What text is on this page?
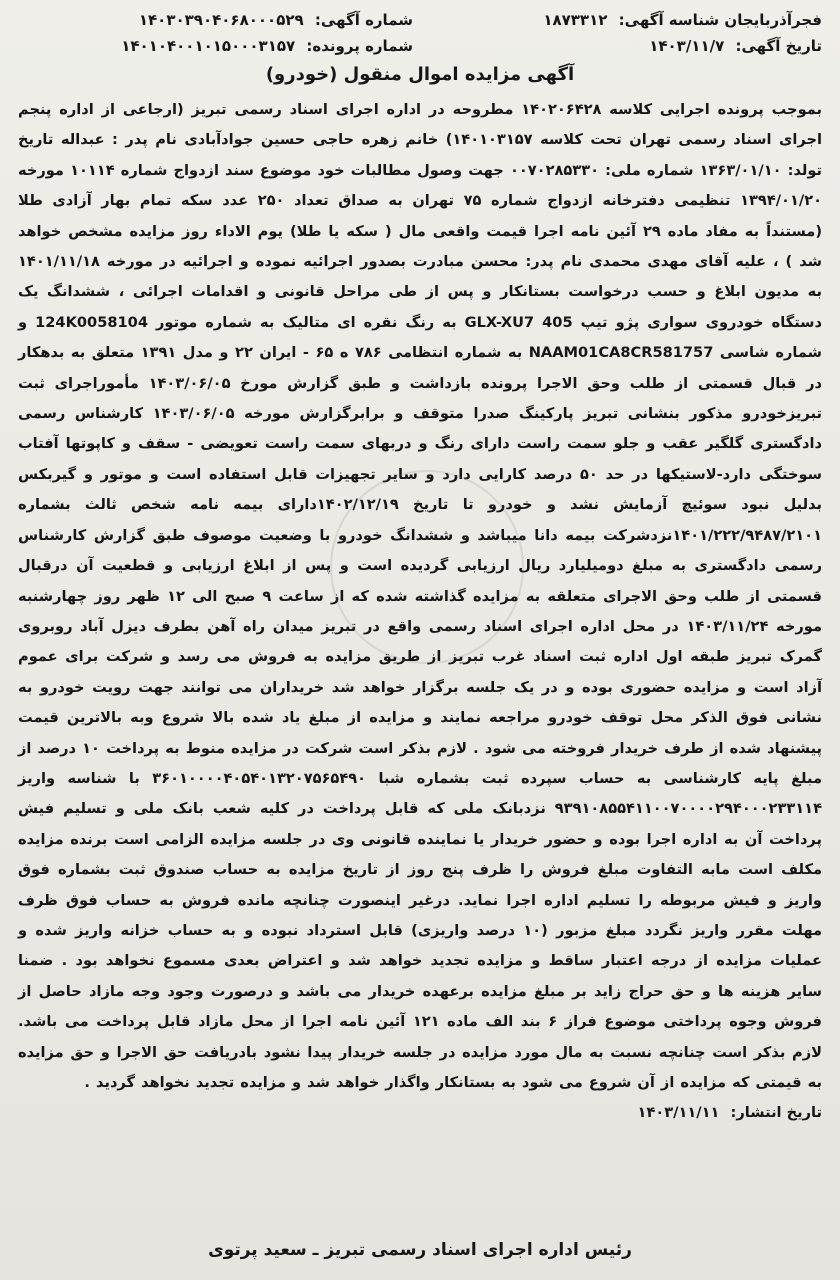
فجرآذربایجان شناسه آگهی: ۱۸۷۳۳۱۲
شماره آگهی: ۱۴۰۳۰۳۹۰۴۰۶۸۰۰۰۵۲۹
تاریخ آگهی: ۱۴۰۳/۱۱/۷
شماره پرونده: ۱۴۰۱۰۴۰۰۱۰۱۵۰۰۰۳۱۵۷
آگهی مزایده اموال منقول (خودرو)

بموجب پرونده اجرایی کلاسه ۱۴۰۲۰۶۴۲۸ مطروحه در اداره اجرای اسناد رسمی تبریز (ارجاعی از اداره پنجم اجرای اسناد رسمی تهران تحت کلاسه ۱۴۰۱۰۳۱۵۷) خانم زهره حاجی حسین جوادآبادی نام پدر : عبداله تاریخ تولد: ۱۳۶۳/۰۱/۱۰ شماره ملی: ۰۰۷۰۲۸۵۳۳۰ جهت وصول مطالبات خود موضوع سند ازدواج شماره ۱۰۱۱۴ مورخه ۱۳۹۴/۰۱/۲۰ تنظیمی دفترخانه ازدواج شماره ۷۵ تهران به صداق تعداد ۲۵۰ عدد سکه تمام بهار آزادی طلا (مستنداً به مفاد ماده ۲۹ آئین نامه اجرا قیمت واقعی مال ( سکه یا طلا) یوم الاداء روز مزایده مشخص خواهد شد ) ، علیه آقای مهدی محمدی نام پدر: محسن مبادرت بصدور اجرائیه نموده و اجرائیه در مورخه ۱۴۰۱/۱۱/۱۸ به مدیون ابلاغ و حسب درخواست بستانکار و پس از طی مراحل قانونی و اقدامات اجرائی ، ششدانگ یک دستگاه خودروی سواری پژو تیپ GLX-XU7 405 به رنگ نقره ای متالیک به شماره موتور 124K0058104 و شماره شاسی NAAM01CA8CR581757 به شماره انتظامی ۷۸۶ ه ۶۵ - ایران ۲۲ و مدل ۱۳۹۱ متعلق به بدهکار در قبال قسمتی از طلب وحق الاجرا پرونده بازداشت و طبق گزارش مورخ ۱۴۰۳/۰۶/۰۵ مأموراجرای ثبت تبریزخودرو مذکور بنشانی تبریز پارکینگ صدرا متوقف و برابرگزارش مورخه ۱۴۰۳/۰۶/۰۵ کارشناس رسمی دادگستری گلگیر عقب و جلو سمت راست دارای رنگ و دربهای سمت راست تعویضی - سقف و کاپوتها آفتاب سوختگی دارد-لاستیکها در حد ۵۰ درصد کارایی دارد و سایر تجهیزات قابل استفاده است و موتور و گیربکس بدلیل نبود سوئیچ آزمایش نشد و خودرو تا تاریخ ۱۴۰۲/۱۲/۱۹دارای بیمه نامه شخص ثالث بشماره ۱۴۰۱/۲۲۲/۹۴۸۷/۲۱۰۱نزدشرکت بیمه دانا میباشد و ششدانگ خودرو با وضعیت موصوف طبق گزارش کارشناس رسمی دادگستری به مبلغ دومیلیارد ریال ارزیابی گردیده است و پس از ابلاغ ارزیابی و قطعیت آن درقبال قسمتی از طلب وحق الاجرای متعلقه به مزایده گذاشته شده که از ساعت ۹ صبح الی ۱۲ ظهر روز چهارشنبه مورخه ۱۴۰۳/۱۱/۲۴ در محل اداره اجرای اسناد رسمی واقع در تبریز میدان راه آهن بطرف دیزل آباد روبروی گمرک تبریز طبقه اول اداره ثبت اسناد غرب تبریز از طریق مزایده به فروش می رسد و شرکت برای عموم آزاد است و مزایده حضوری بوده و در یک جلسه برگزار خواهد شد خریداران می توانند جهت رویت خودرو به نشانی فوق الذکر محل توقف خودرو مراجعه نمایند و مزایده از مبلغ یاد شده بالا شروع وبه بالاترین قیمت پیشنهاد شده از طرف خریدار فروخته می شود . لازم بذکر است شرکت در مزایده منوط به پرداخت ۱۰ درصد از مبلغ پایه کارشناسی به حساب سپرده ثبت بشماره شبا ۳۶۰۱۰۰۰۰۴۰۵۴۰۱۳۲۰۷۵۶۵۴۹۰ با شناسه واریز ۹۳۹۱۰۸۵۵۴۱۱۰۰۷۰۰۰۰۲۹۴۰۰۰۲۳۳۱۱۴ نزدبانک ملی که قابل پرداخت در کلیه شعب بانک ملی و تسلیم فیش پرداخت آن به اداره اجرا بوده و حضور خریدار یا نماینده قانونی وی در جلسه مزایده الزامی است برنده مزایده مکلف است مابه التفاوت مبلغ فروش را ظرف پنج روز از تاریخ مزایده به حساب صندوق ثبت بشماره فوق واریز و فیش مربوطه را تسلیم اداره اجرا نماید. درغیر اینصورت چنانچه مانده فروش به حساب فوق ظرف مهلت مقرر واریز نگردد مبلغ مزبور (۱۰ درصد واریزی) قابل استرداد نبوده و به حساب خزانه واریز شده و عملیات مزایده از درجه اعتبار ساقط و مزایده تجدید خواهد شد و اعتراض بعدی مسموع نخواهد بود . ضمنا سایر هزینه ها و حق حراج زاید بر مبلغ مزایده برعهده خریدار می باشد و درصورت وجود وجه مازاد حاصل از فروش وجوه پرداختی موضوع فراز ۶ بند الف ماده ۱۲۱ آئین نامه اجرا از محل مازاد قابل پرداخت می باشد. لازم بذکر است چنانچه نسبت به مال مورد مزایده در جلسه خریدار پیدا نشود بادریافت حق الاجرا و حق مزایده به قیمتی که مزایده از آن شروع می شود به بستانکار واگذار خواهد شد و مزایده تجدید نخواهد گردید .

تاریخ انتشار: ۱۴۰۳/۱۱/۱۱
رئیس اداره اجرای اسناد رسمی تبریز ـ سعید پرتوی
